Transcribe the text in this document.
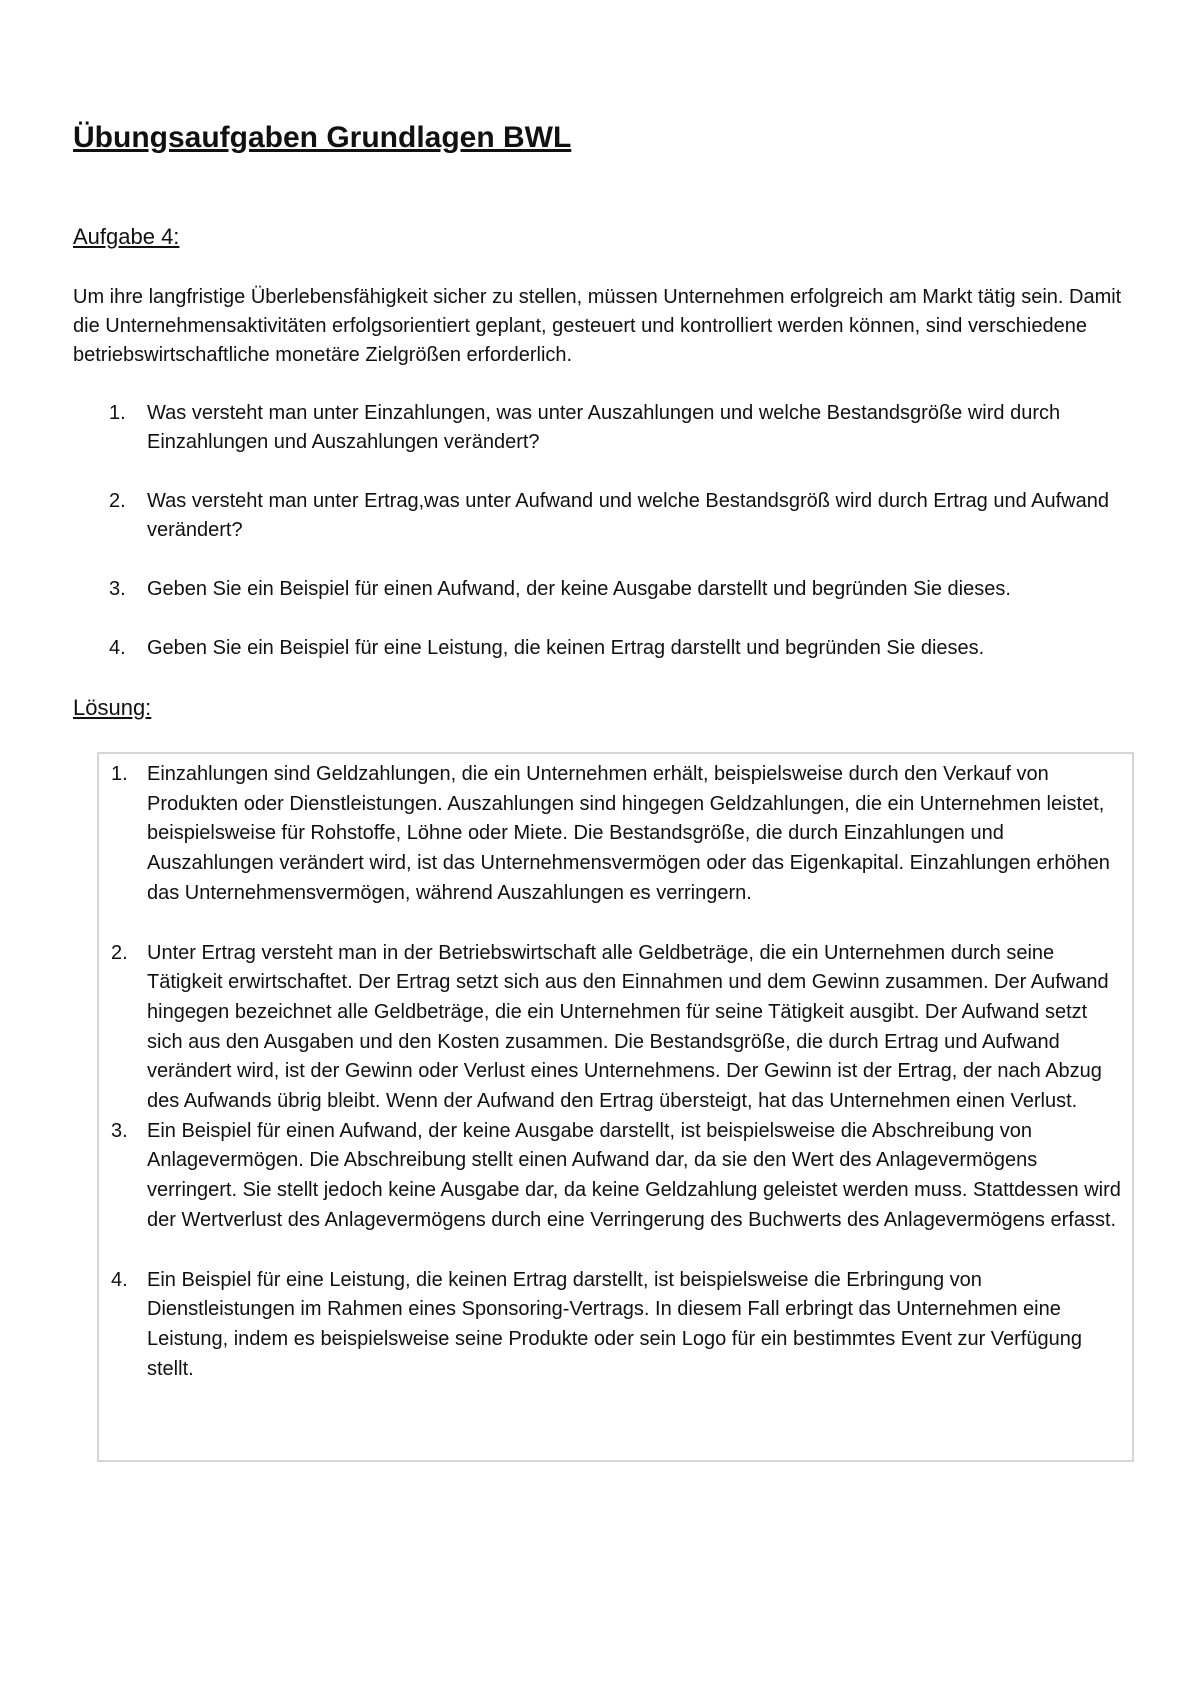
Übungsaufgaben Grundlagen BWL

Aufgabe 4:

Um ihre langfristige Überlebensfähigkeit sicher zu stellen, müssen Unternehmen erfolgreich am Markt tätig sein. Damit die Unternehmensaktivitäten erfolgsorientiert geplant, gesteuert und kontrolliert werden können, sind verschiedene betriebswirtschaftliche monetäre Zielgrößen erforderlich.

1.	Was versteht man unter Einzahlungen, was unter Auszahlungen und welche Bestandsgröße wird durch Einzahlungen und Auszahlungen verändert?
2.	Was versteht man unter Ertrag,was unter Aufwand und welche Bestandsgröß wird durch Ertrag und Aufwand verändert?
3.	Geben Sie ein Beispiel für einen Aufwand, der keine Ausgabe darstellt und begründen Sie dieses.
4.	Geben Sie ein Beispiel für eine Leistung, die keinen Ertrag darstellt und begründen Sie dieses.

Lösung:

1. Einzahlungen sind Geldzahlungen, die ein Unternehmen erhält, beispielsweise durch den Verkauf von Produkten oder Dienstleistungen. Auszahlungen sind hingegen Geldzahlungen, die ein Unternehmen leistet, beispielsweise für Rohstoffe, Löhne oder Miete. Die Bestandsgröße, die durch Einzahlungen und Auszahlungen verändert wird, ist das Unternehmensvermögen oder das Eigenkapital. Einzahlungen erhöhen das Unternehmensvermögen, während Auszahlungen es verringern.
2. Unter Ertrag versteht man in der Betriebswirtschaft alle Geldbeträge, die ein Unternehmen durch seine Tätigkeit erwirtschaftet. Der Ertrag setzt sich aus den Einnahmen und dem Gewinn zusammen. Der Aufwand hingegen bezeichnet alle Geldbeträge, die ein Unternehmen für seine Tätigkeit ausgibt. Der Aufwand setzt sich aus den Ausgaben und den Kosten zusammen. Die Bestandsgröße, die durch Ertrag und Aufwand verändert wird, ist der Gewinn oder Verlust eines Unternehmens. Der Gewinn ist der Ertrag, der nach Abzug des Aufwands übrig bleibt. Wenn der Aufwand den Ertrag übersteigt, hat das Unternehmen einen Verlust.
3. Ein Beispiel für einen Aufwand, der keine Ausgabe darstellt, ist beispielsweise die Abschreibung von Anlagevermögen. Die Abschreibung stellt einen Aufwand dar, da sie den Wert des Anlagevermögens verringert. Sie stellt jedoch keine Ausgabe dar, da keine Geldzahlung geleistet werden muss. Stattdessen wird der Wertverlust des Anlagevermögens durch eine Verringerung des Buchwerts des Anlagevermögens erfasst.
4. Ein Beispiel für eine Leistung, die keinen Ertrag darstellt, ist beispielsweise die Erbringung von Dienstleistungen im Rahmen eines Sponsoring-Vertrags. In diesem Fall erbringt das Unternehmen eine Leistung, indem es beispielsweise seine Produkte oder sein Logo für ein bestimmtes Event zur Verfügung stellt.
